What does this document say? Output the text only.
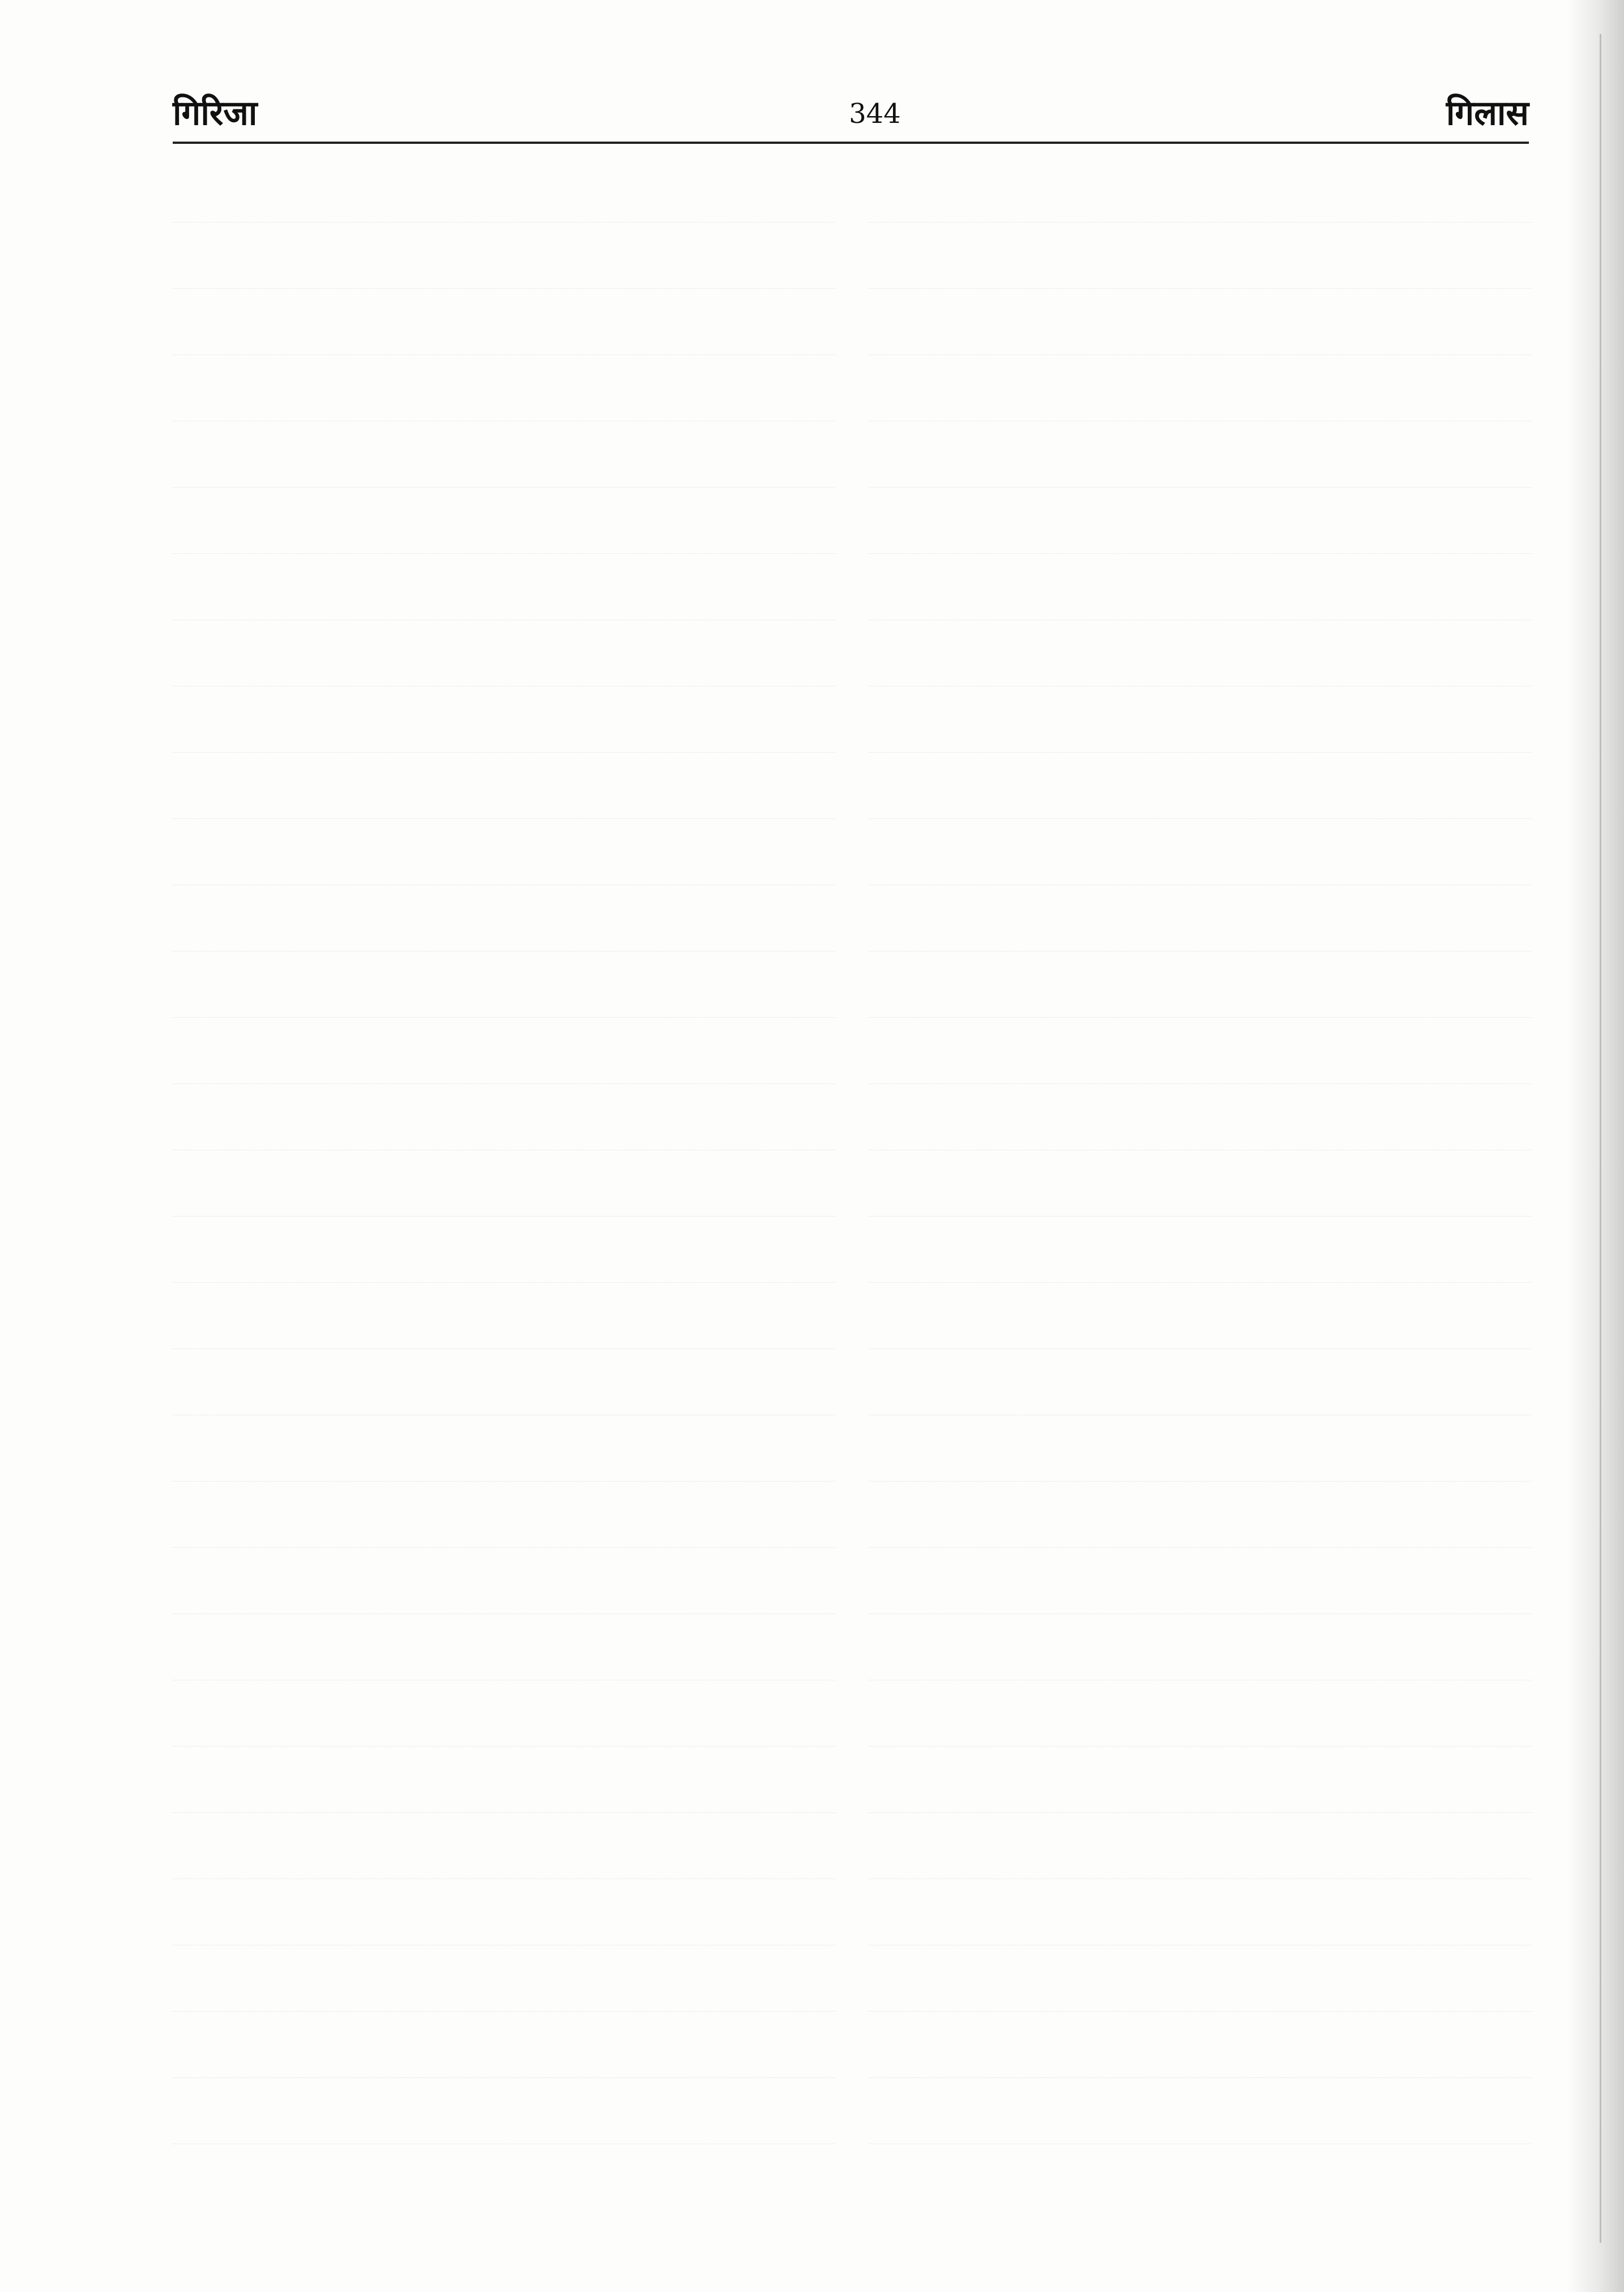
गिरिजा	344	गिलास
